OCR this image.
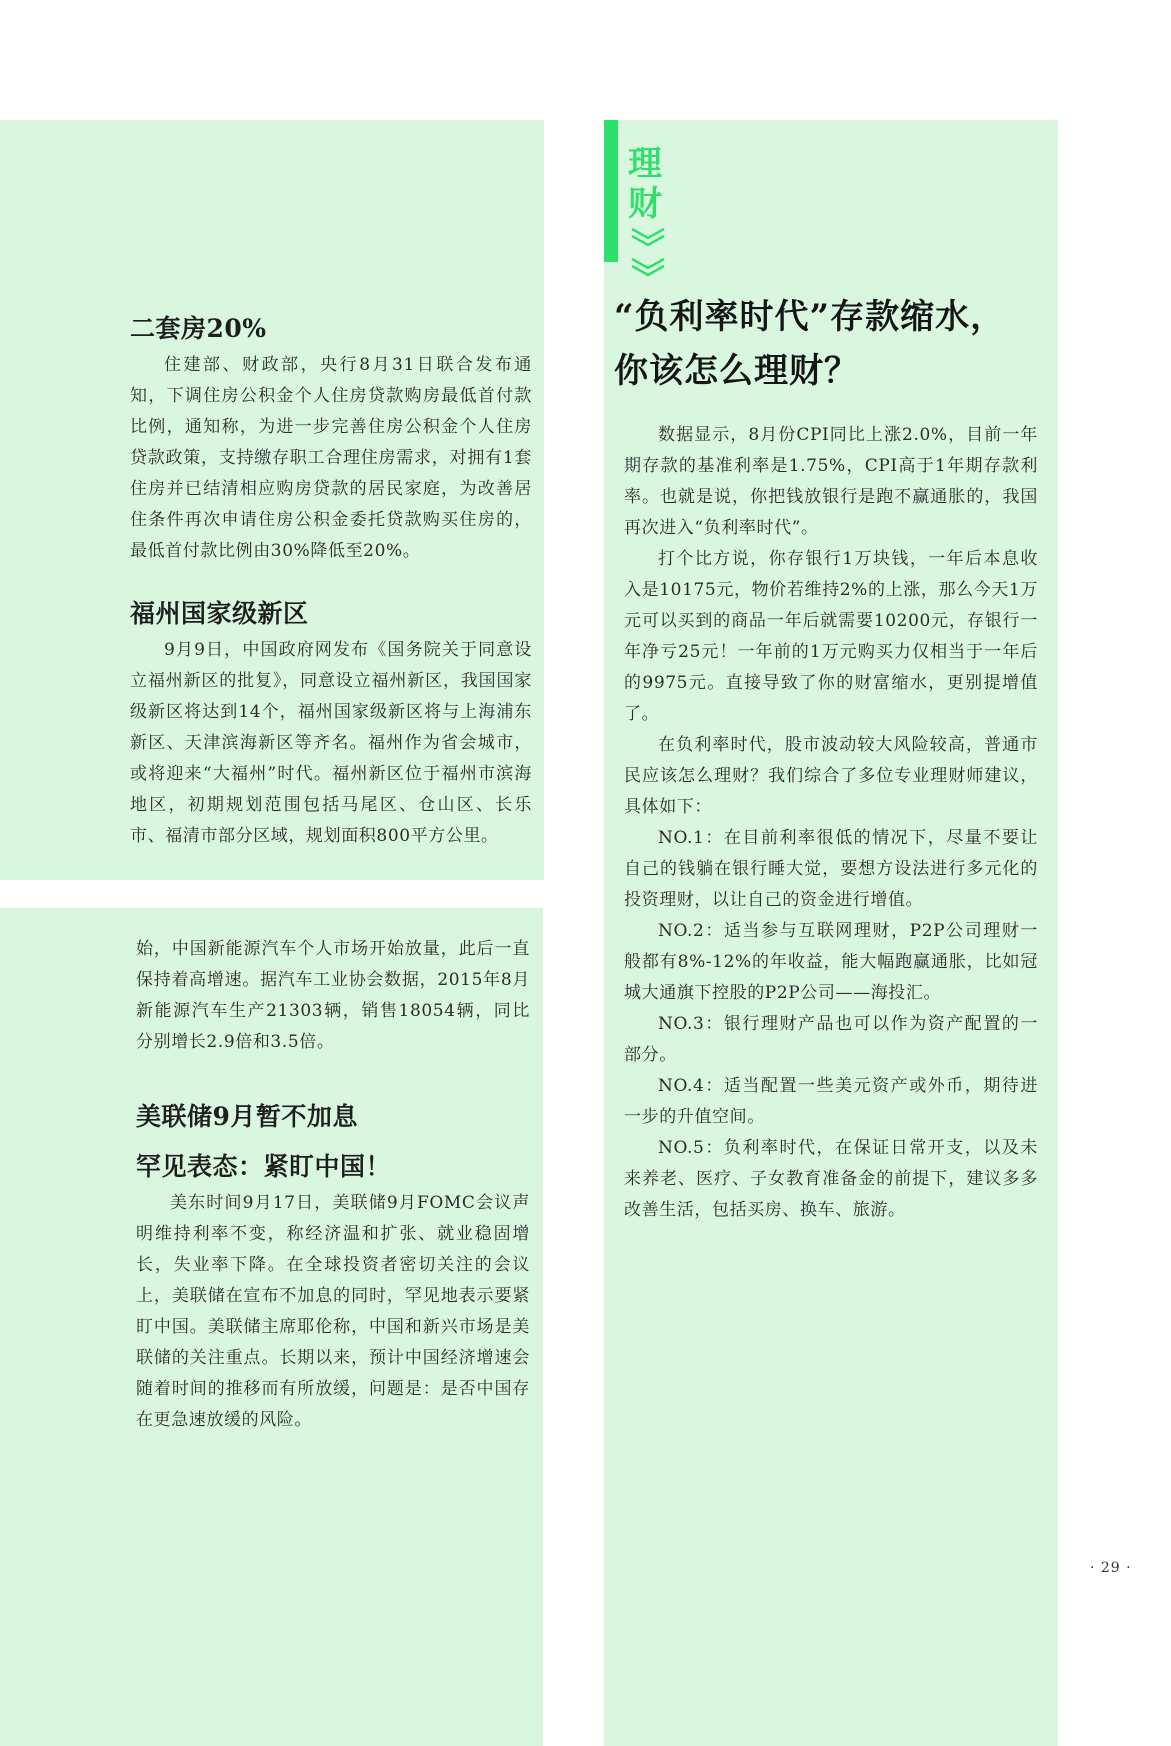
二套房20%

住建部、财政部，央行8月31日联合发布通知，下调住房公积金个人住房贷款购房最低首付款比例，通知称，为进一步完善住房公积金个人住房贷款政策，支持缴存职工合理住房需求，对拥有1套住房并已结清相应购房贷款的居民家庭，为改善居住条件再次申请住房公积金委托贷款购买住房的，最低首付款比例由30%降低至20%。

福州国家级新区

9月9日，中国政府网发布《国务院关于同意设立福州新区的批复》，同意设立福州新区，我国国家级新区将达到14个，福州国家级新区将与上海浦东新区、天津滨海新区等齐名。福州作为省会城市，或将迎来“大福州”时代。福州新区位于福州市滨海地区，初期规划范围包括马尾区、仓山区、长乐市、福清市部分区域，规划面积800平方公里。

始，中国新能源汽车个人市场开始放量，此后一直保持着高增速。据汽车工业协会数据，2015年8月新能源汽车生产21303辆，销售18054辆，同比分别增长2.9倍和3.5倍。

美联储9月暂不加息
罕见表态：紧盯中国！

美东时间9月17日，美联储9月FOMC会议声明维持利率不变，称经济温和扩张、就业稳固增长，失业率下降。在全球投资者密切关注的会议上，美联储在宣布不加息的同时，罕见地表示要紧盯中国。美联储主席耶伦称，中国和新兴市场是美联储的关注重点。长期以来，预计中国经济增速会随着时间的推移而有所放缓，问题是：是否中国存在更急速放缓的风险。

理
财
“负利率时代”存款缩水，
你该怎么理财？

数据显示，8月份CPI同比上涨2.0%，目前一年期存款的基准利率是1.75%，CPI高于1年期存款利率。也就是说，你把钱放银行是跑不赢通胀的，我国再次进入“负利率时代”。

打个比方说，你存银行1万块钱，一年后本息收入是10175元，物价若维持2%的上涨，那么今天1万元可以买到的商品一年后就需要10200元，存银行一年净亏25元！一年前的1万元购买力仅相当于一年后的9975元。直接导致了你的财富缩水，更别提增值了。

在负利率时代，股市波动较大风险较高，普通市民应该怎么理财？我们综合了多位专业理财师建议，具体如下：

NO.1：在目前利率很低的情况下，尽量不要让自己的钱躺在银行睡大觉，要想方设法进行多元化的投资理财，以让自己的资金进行增值。

NO.2：适当参与互联网理财，P2P公司理财一般都有8%-12%的年收益，能大幅跑赢通胀，比如冠城大通旗下控股的P2P公司——海投汇。

NO.3：银行理财产品也可以作为资产配置的一部分。

NO.4：适当配置一些美元资产或外币，期待进一步的升值空间。

NO.5：负利率时代，在保证日常开支，以及未来养老、医疗、子女教育准备金的前提下，建议多多改善生活，包括买房、换车、旅游。

· 29 ·
